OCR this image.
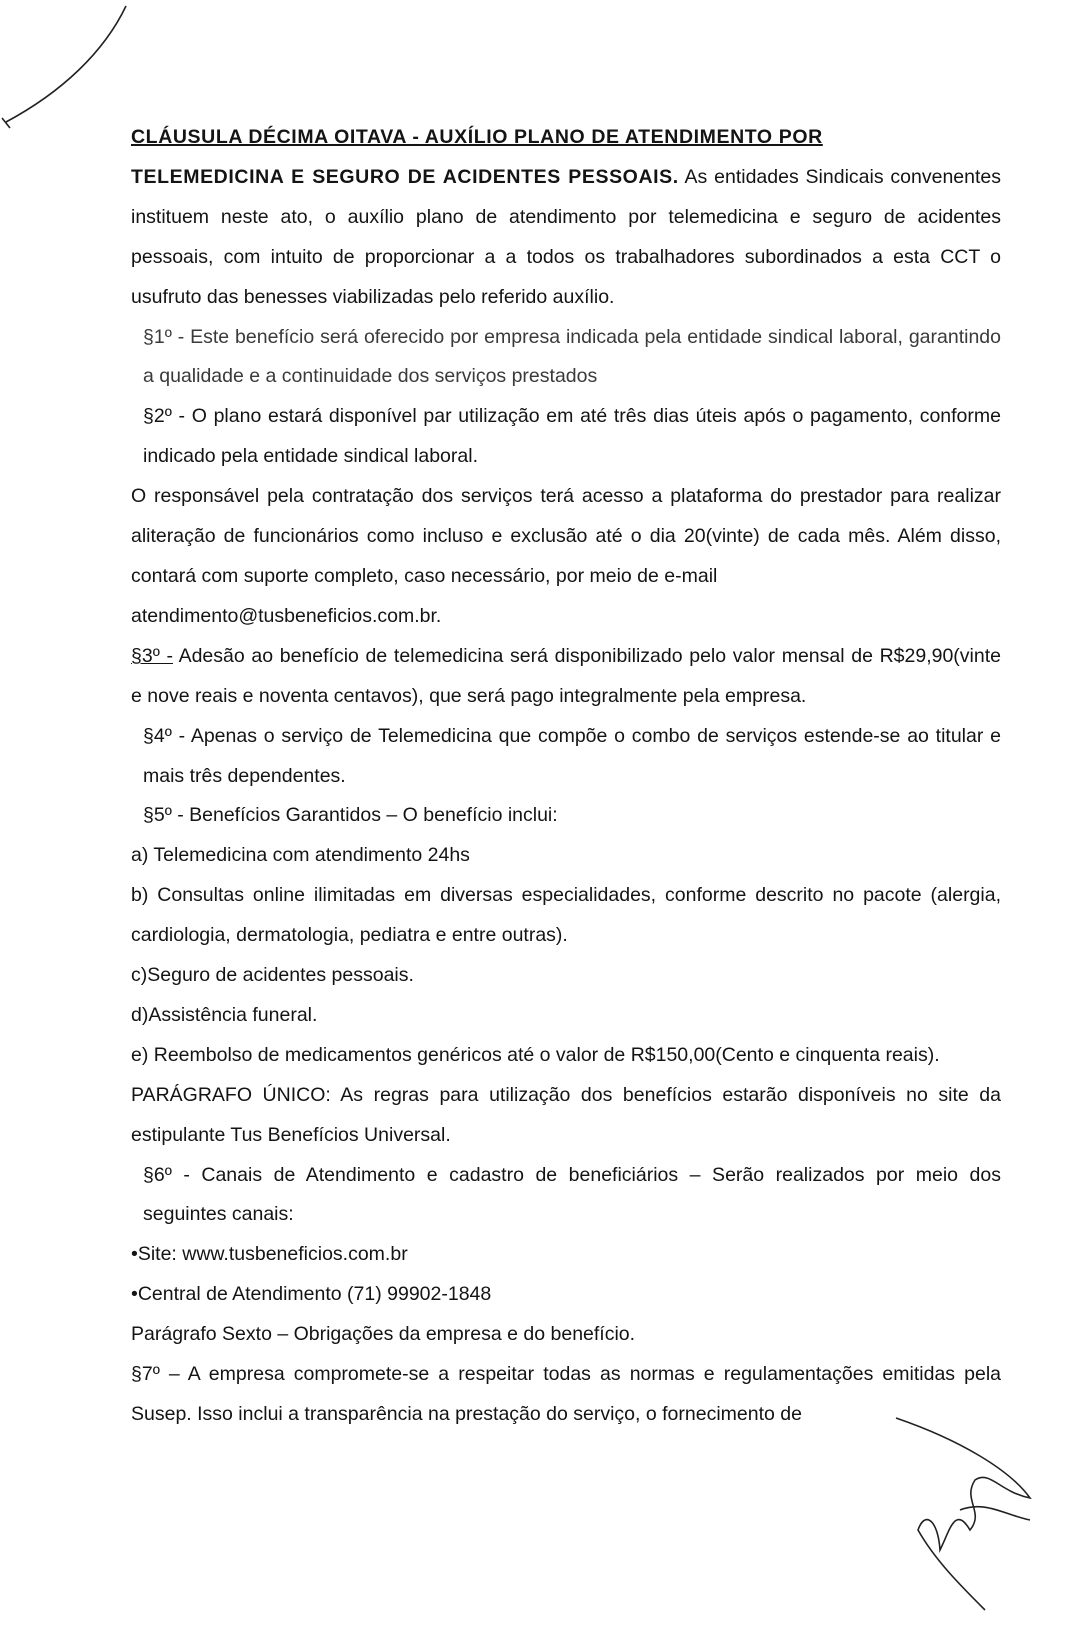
CLÁUSULA DÉCIMA OITAVA - AUXÍLIO PLANO DE ATENDIMENTO POR

TELEMEDICINA E SEGURO DE ACIDENTES PESSOAIS. As entidades Sindicais convenentes instituem neste ato, o auxílio plano de atendimento por telemedicina e seguro de acidentes pessoais, com intuito de proporcionar a a todos os trabalhadores subordinados a esta CCT o usufruto das benesses viabilizadas pelo referido auxílio.

§1º - Este benefício será oferecido por empresa indicada pela entidade sindical laboral, garantindo a qualidade e a continuidade dos serviços prestados

§2º - O plano estará disponível par utilização em até três dias úteis após o pagamento, conforme indicado pela entidade sindical laboral.

O responsável pela contratação dos serviços terá acesso a plataforma do prestador para realizar aliteração de funcionários como incluso e exclusão até o dia 20(vinte) de cada mês. Além disso, contará com suporte completo, caso necessário, por meio de e-mail

atendimento@tusbeneficios.com.br.

§3º - Adesão ao benefício de telemedicina será disponibilizado pelo valor mensal de R$29,90(vinte e nove reais e noventa centavos), que será pago integralmente pela empresa.

§4º - Apenas o serviço de Telemedicina que compõe o combo de serviços estende-se ao titular e mais três dependentes.

§5º - Benefícios Garantidos – O benefício inclui:

a) Telemedicina com atendimento 24hs

b) Consultas online ilimitadas em diversas especialidades, conforme descrito no pacote (alergia, cardiologia, dermatologia, pediatra e entre outras).

c)Seguro de acidentes pessoais.

d)Assistência funeral.

e) Reembolso de medicamentos genéricos até o valor de R$150,00(Cento e cinquenta reais).

PARÁGRAFO ÚNICO: As regras para utilização dos benefícios estarão disponíveis no site da estipulante Tus Benefícios Universal.

§6º - Canais de Atendimento e cadastro de beneficiários – Serão realizados por meio dos seguintes canais:

•Site: www.tusbeneficios.com.br

•Central de Atendimento (71) 99902-1848

Parágrafo Sexto – Obrigações da empresa e do benefício.

§7º – A empresa compromete-se a respeitar todas as normas e regulamentações emitidas pela Susep. Isso inclui a transparência na prestação do serviço, o fornecimento de
